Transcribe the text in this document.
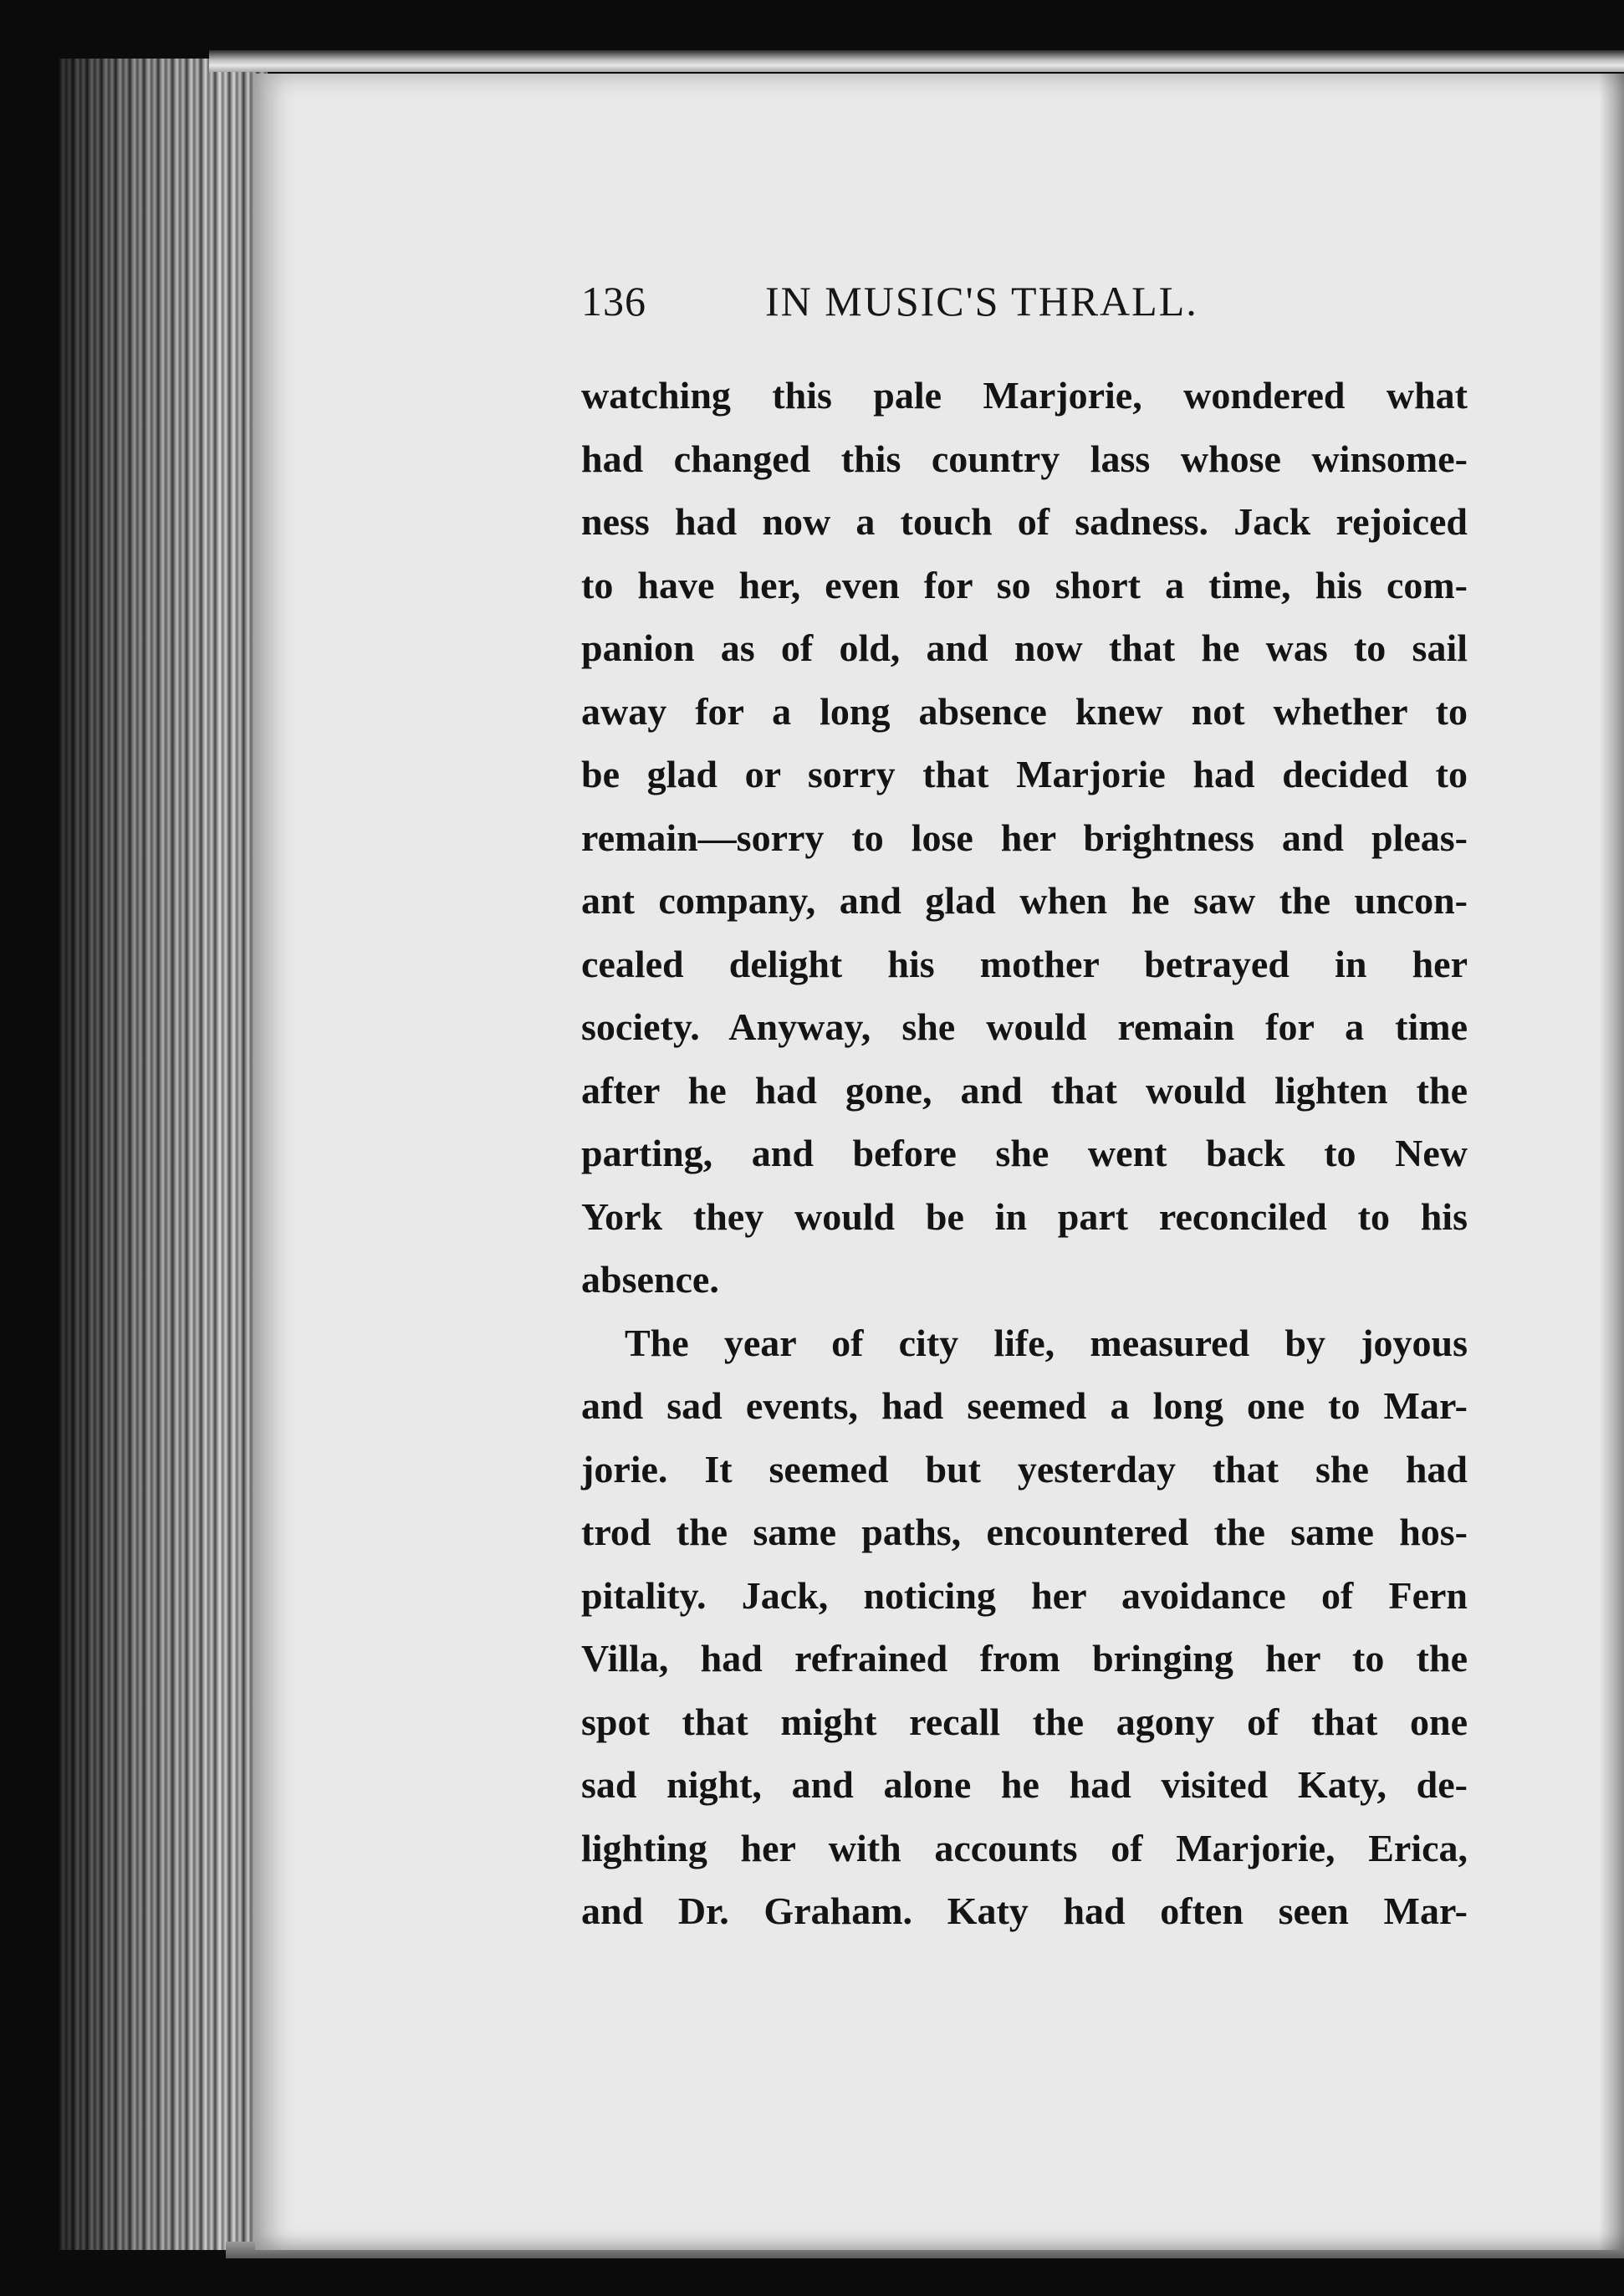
136	IN MUSIC'S THRALL.
watching this pale Marjorie, wondered what
had changed this country lass whose winsome-
ness had now a touch of sadness. Jack rejoiced
to have her, even for so short a time, his com-
panion as of old, and now that he was to sail
away for a long absence knew not whether to
be glad or sorry that Marjorie had decided to
remain—sorry to lose her brightness and pleas-
ant company, and glad when he saw the uncon-
cealed delight his mother betrayed in her
society. Anyway, she would remain for a time
after he had gone, and that would lighten the
parting, and before she went back to New
York they would be in part reconciled to his
absence.
The year of city life, measured by joyous
and sad events, had seemed a long one to Mar-
jorie. It seemed but yesterday that she had
trod the same paths, encountered the same hos-
pitality. Jack, noticing her avoidance of Fern
Villa, had refrained from bringing her to the
spot that might recall the agony of that one
sad night, and alone he had visited Katy, de-
lighting her with accounts of Marjorie, Erica,
and Dr. Graham. Katy had often seen Mar-
